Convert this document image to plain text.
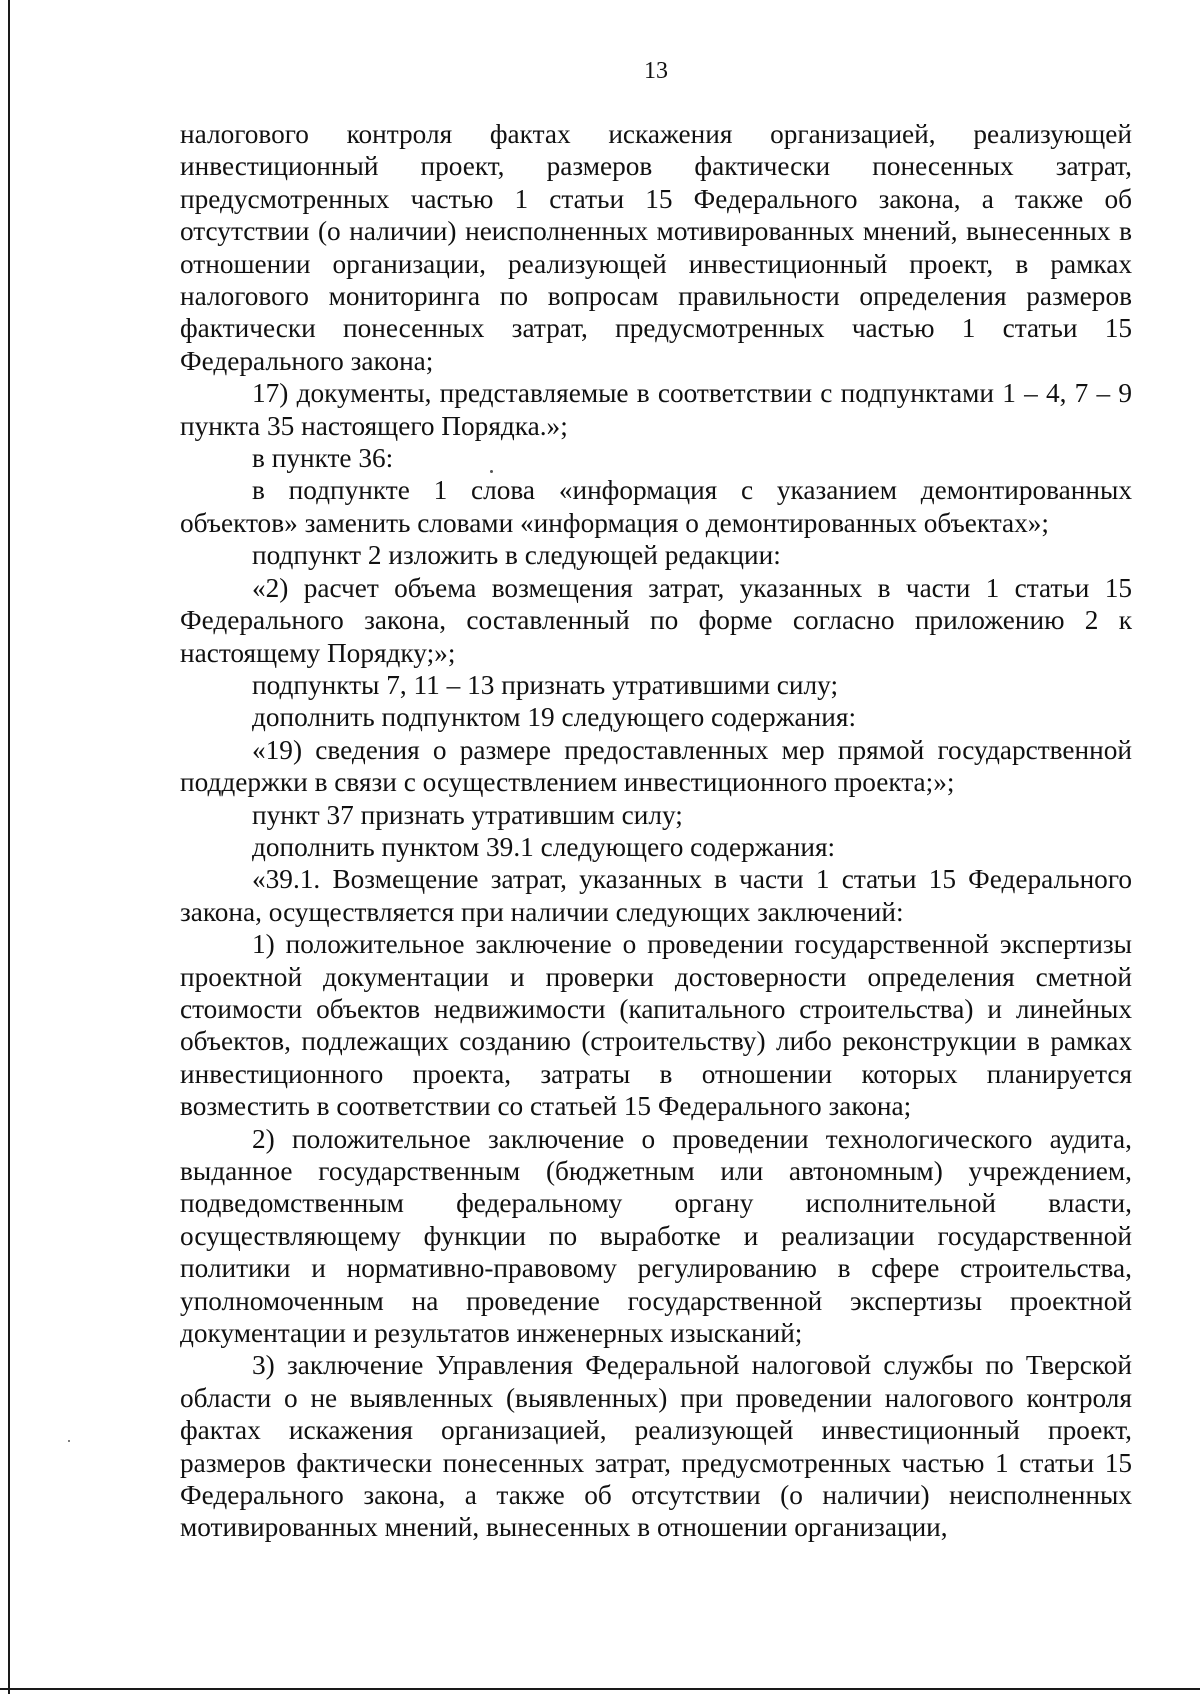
13

налогового контроля фактах искажения организацией, реализующей инвестиционный проект, размеров фактически понесенных затрат, предусмотренных частью 1 статьи 15 Федерального закона, а также об отсутствии (о наличии) неисполненных мотивированных мнений, вынесенных в отношении организации, реализующей инвестиционный проект, в рамках налогового мониторинга по вопросам правильности определения размеров фактически понесенных затрат, предусмотренных частью 1 статьи 15 Федерального закона;

17) документы, представляемые в соответствии с подпунктами 1 – 4, 7 – 9 пункта 35 настоящего Порядка.»;

в пункте 36:

в подпункте 1 слова «информация с указанием демонтированных объектов» заменить словами «информация о демонтированных объектах»;

подпункт 2 изложить в следующей редакции:

«2) расчет объема возмещения затрат, указанных в части 1 статьи 15 Федерального закона, составленный по форме согласно приложению 2 к настоящему Порядку;»;

подпункты 7, 11 – 13 признать утратившими силу;

дополнить подпунктом 19 следующего содержания:

«19) сведения о размере предоставленных мер прямой государственной поддержки в связи с осуществлением инвестиционного проекта;»;

пункт 37 признать утратившим силу;

дополнить пунктом 39.1 следующего содержания:

«39.1. Возмещение затрат, указанных в части 1 статьи 15 Федерального закона, осуществляется при наличии следующих заключений:

1) положительное заключение о проведении государственной экспертизы проектной документации и проверки достоверности определения сметной стоимости объектов недвижимости (капитального строительства) и линейных объектов, подлежащих созданию (строительству) либо реконструкции в рамках инвестиционного проекта, затраты в отношении которых планируется возместить в соответствии со статьей 15 Федерального закона;

2) положительное заключение о проведении технологического аудита, выданное государственным (бюджетным или автономным) учреждением, подведомственным федеральному органу исполнительной власти, осуществляющему функции по выработке и реализации государственной политики и нормативно-правовому регулированию в сфере строительства, уполномоченным на проведение государственной экспертизы проектной документации и результатов инженерных изысканий;

3) заключение Управления Федеральной налоговой службы по Тверской области о не выявленных (выявленных) при проведении налогового контроля фактах искажения организацией, реализующей инвестиционный проект, размеров фактически понесенных затрат, предусмотренных частью 1 статьи 15 Федерального закона, а также об отсутствии (о наличии) неисполненных мотивированных мнений, вынесенных в отношении организации,
